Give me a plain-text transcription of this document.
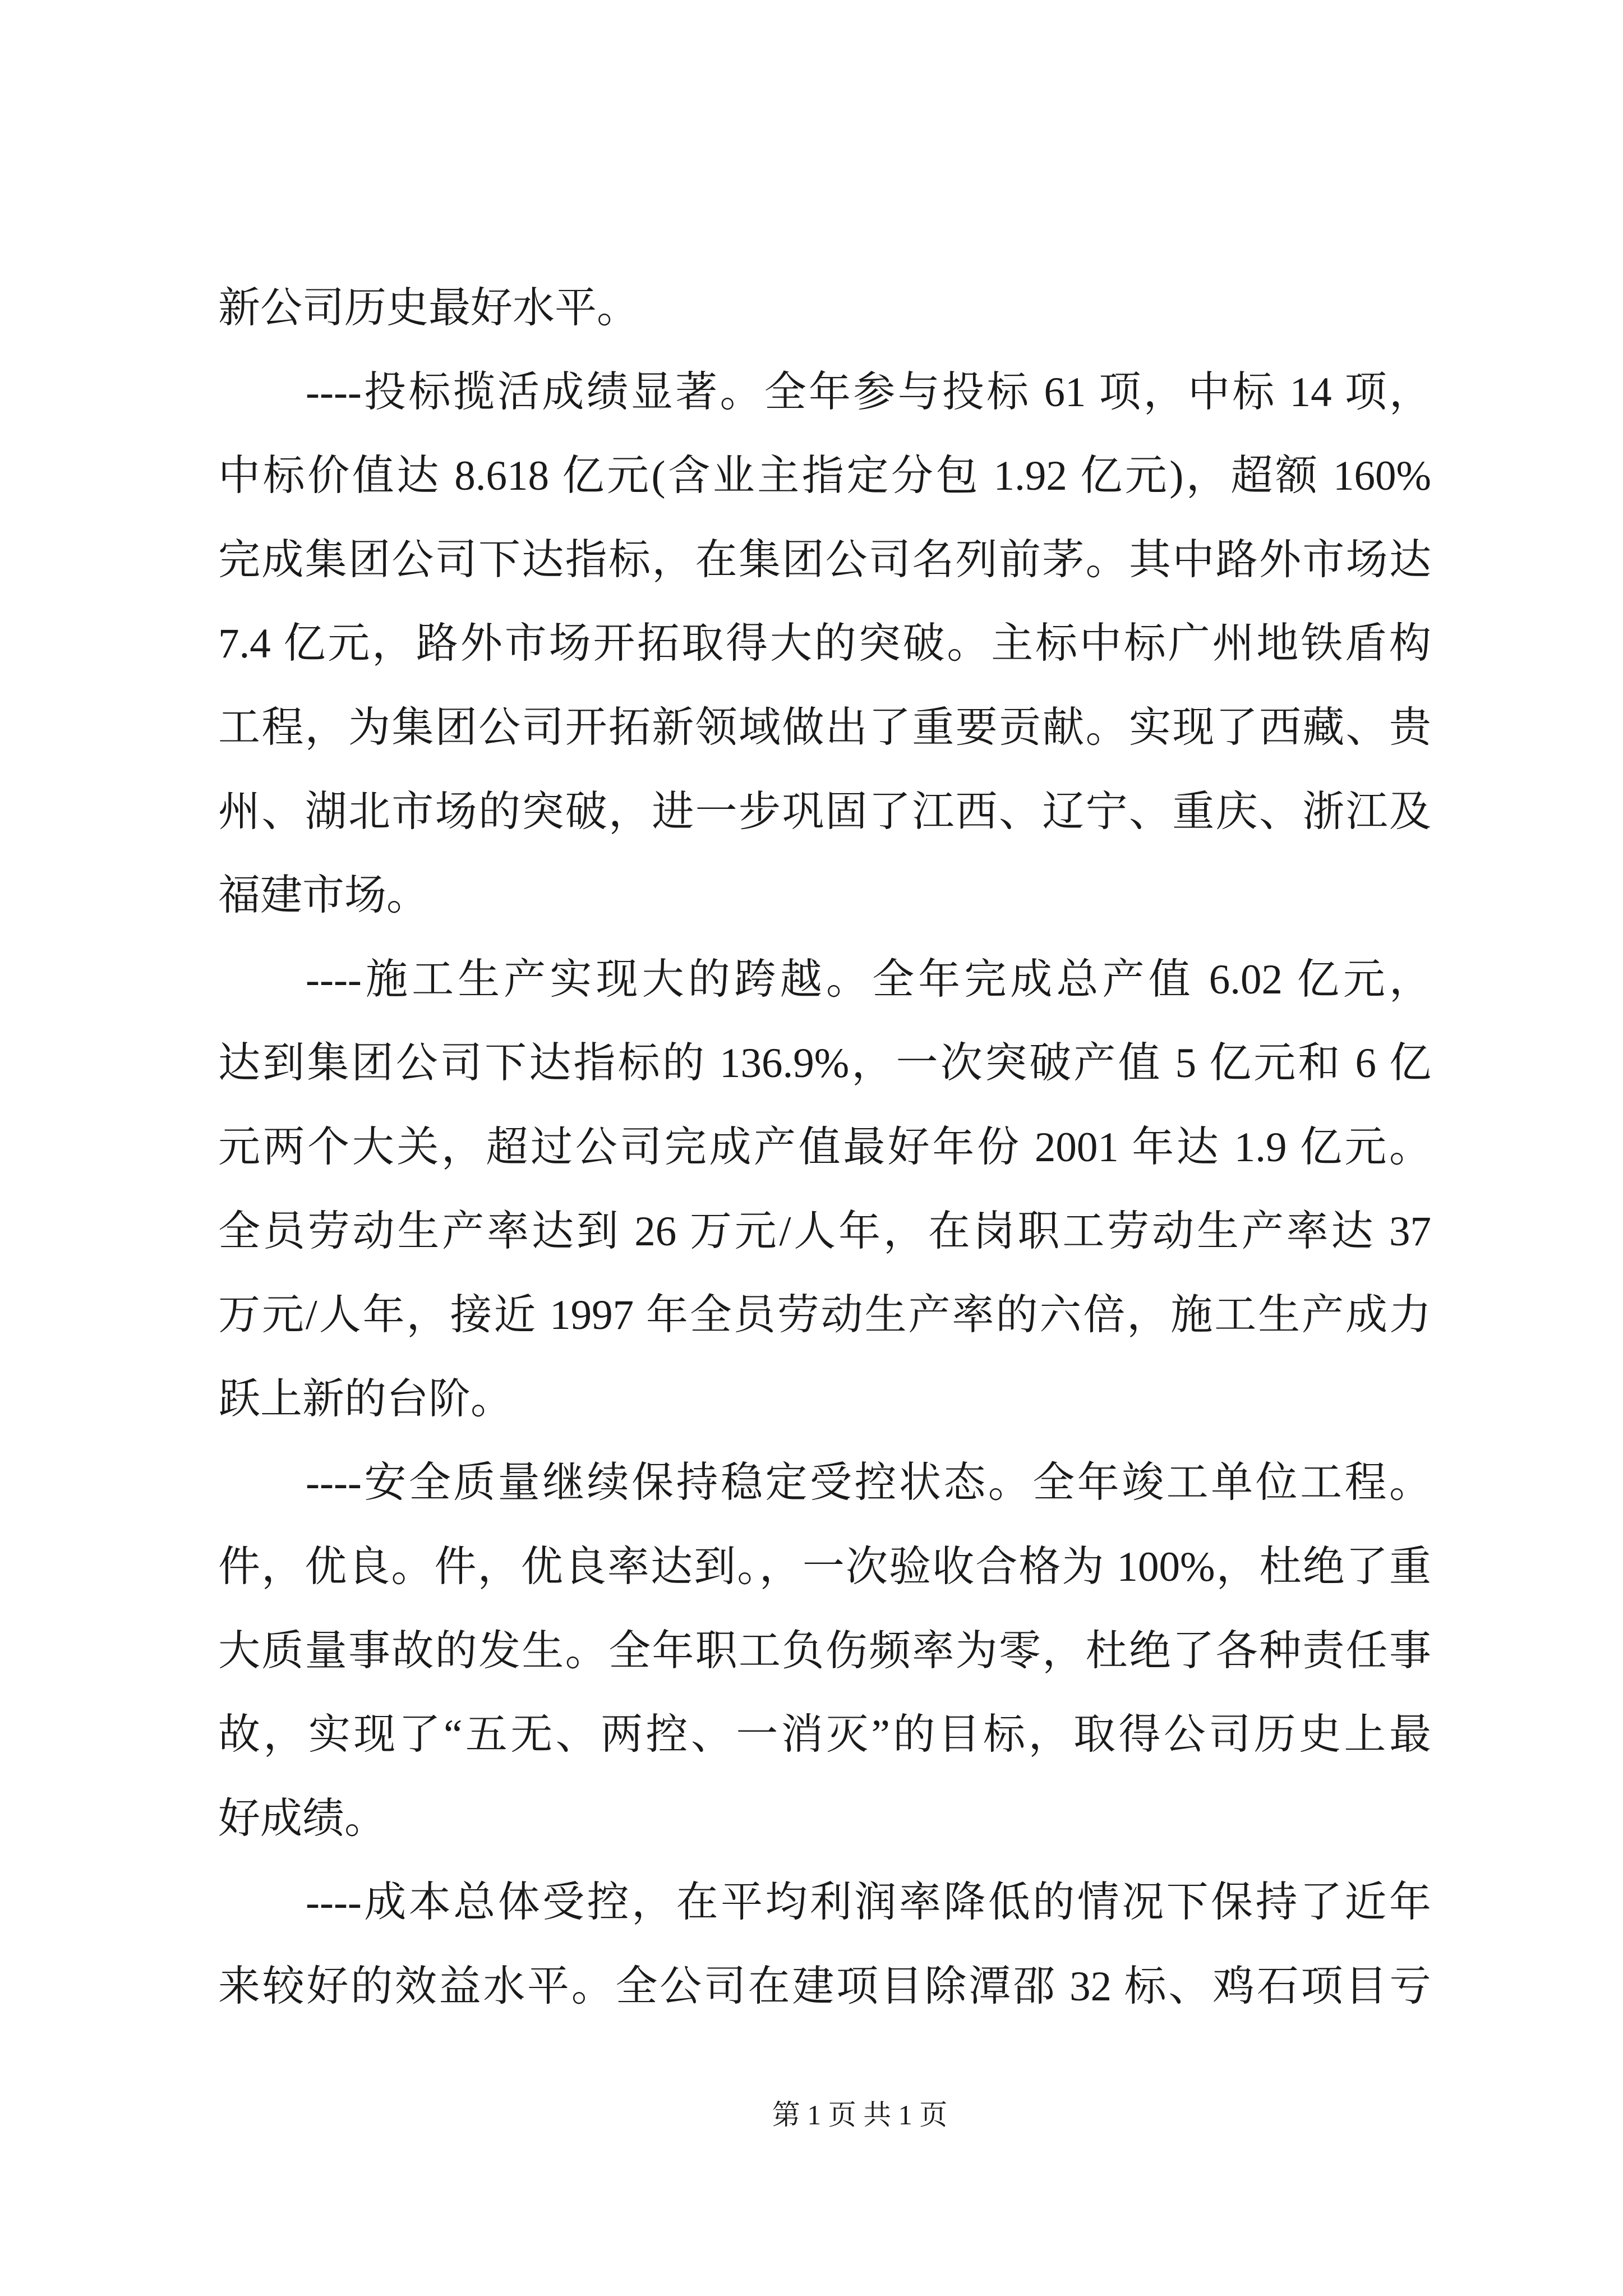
新公司历史最好水平。
----投标揽活成绩显著。全年参与投标 61 项，中标 14 项，
中标价值达 8.618 亿元(含业主指定分包 1.92 亿元)，超额 160%
完成集团公司下达指标，在集团公司名列前茅。其中路外市场达
7.4 亿元，路外市场开拓取得大的突破。主标中标广州地铁盾构
工程，为集团公司开拓新领域做出了重要贡献。实现了西藏、贵
州、湖北市场的突破，进一步巩固了江西、辽宁、重庆、浙江及
福建市场。
----施工生产实现大的跨越。全年完成总产值 6.02 亿元，
达到集团公司下达指标的 136.9%，一次突破产值 5 亿元和 6 亿
元两个大关，超过公司完成产值最好年份 2001 年达 1.9 亿元。
全员劳动生产率达到 26 万元/人年，在岗职工劳动生产率达 37
万元/人年，接近 1997 年全员劳动生产率的六倍，施工生产成力
跃上新的台阶。
----安全质量继续保持稳定受控状态。全年竣工单位工程。
件，优良。件，优良率达到。，一次验收合格为 100%，杜绝了重
大质量事故的发生。全年职工负伤频率为零，杜绝了各种责任事
故，实现了“五无、两控、一消灭”的目标，取得公司历史上最
好成绩。
----成本总体受控，在平均利润率降低的情况下保持了近年
来较好的效益水平。全公司在建项目除潭邵 32 标、鸡石项目亏
第 1 页 共 1 页
